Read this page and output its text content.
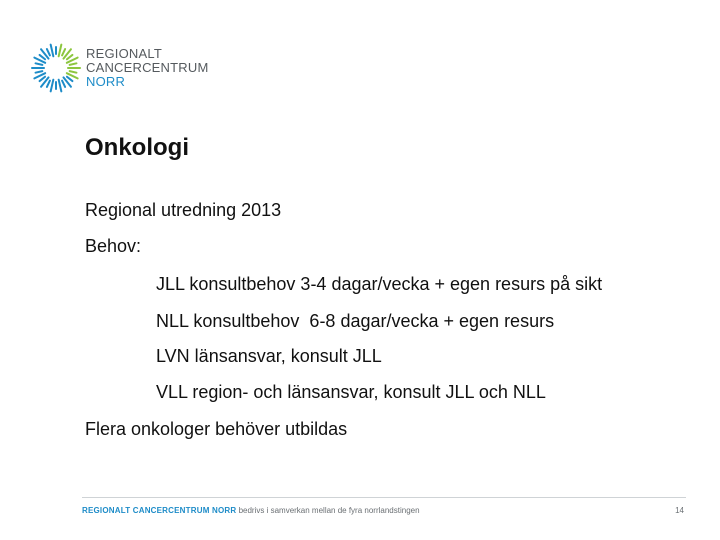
REGIONALT
CANCERCENTRUM
NORR
Onkologi
Regional utredning 2013
Behov:
JLL konsultbehov 3-4 dagar/vecka + egen resurs på sikt
NLL konsultbehov  6-8 dagar/vecka + egen resurs
LVN länsansvar, konsult JLL
VLL region- och länsansvar, konsult JLL och NLL
Flera onkologer behöver utbildas
REGIONALT CANCERCENTRUM NORR bedrivs i samverkan mellan de fyra norrlandstingen	14
